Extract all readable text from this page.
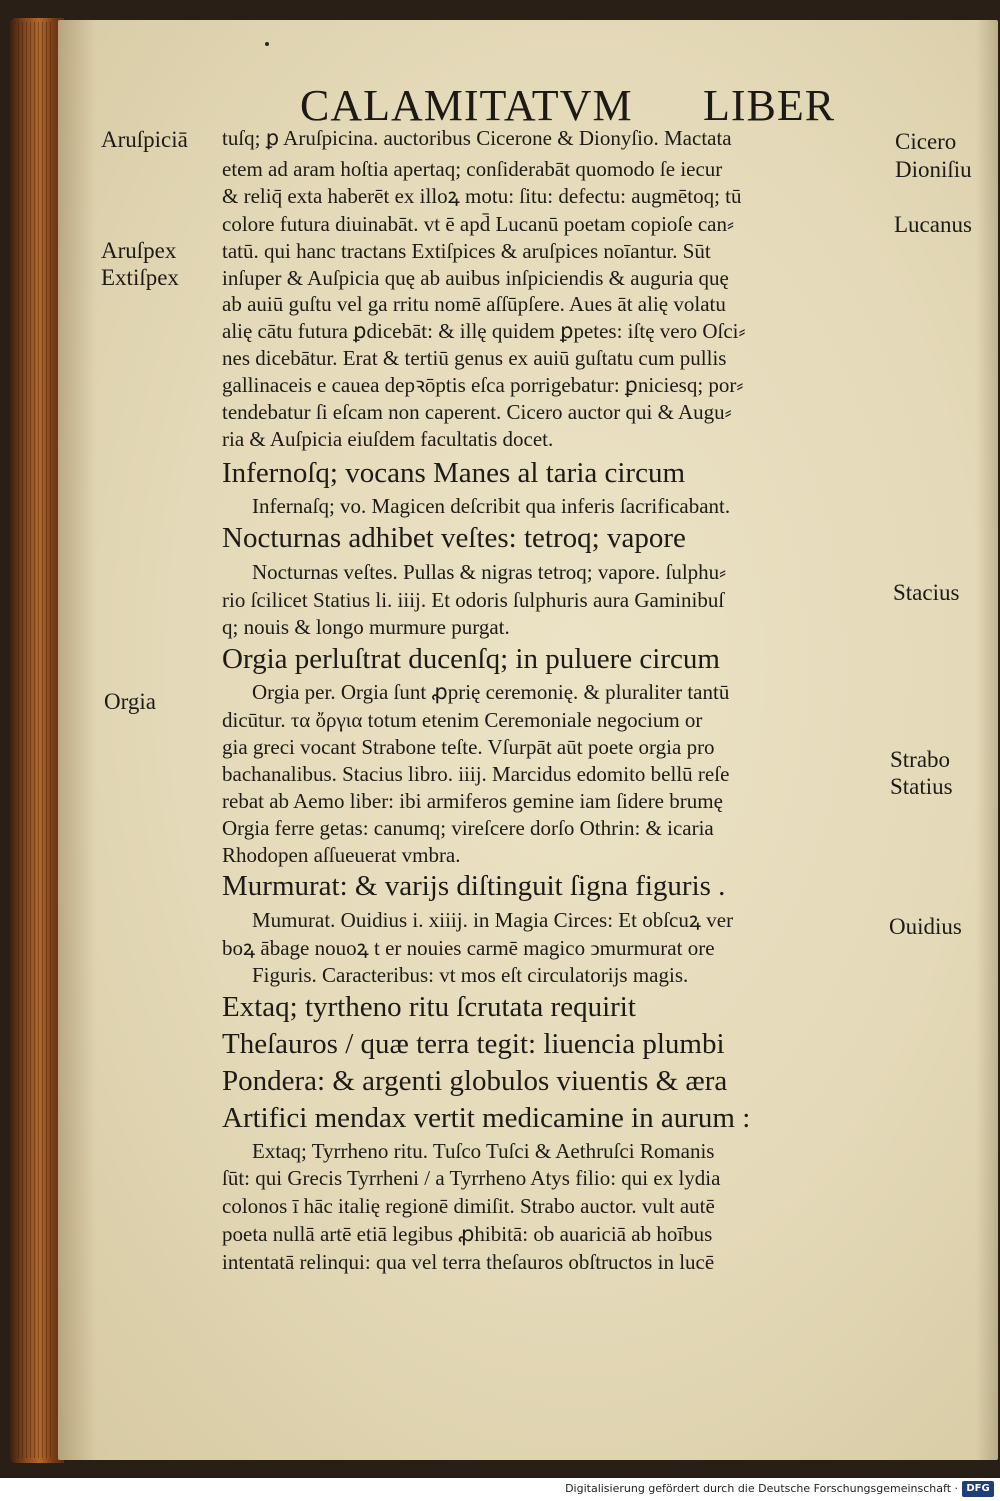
CALAMITATVM LIBER
tuſq; ꝑ Aruſpicina. auctoribus Cicerone & Dionyſio. Mactata
etem ad aram hoſtia apertaq; conſiderabāt quomodo ſe iecur
& reliq̄ exta haberēt ex illoꝝ motu: ſitu: defectu: augmētoq; tū
colore futura diuinabāt. vt ē apd̄ Lucanū poetam copioſe can⸗
tatū. qui hanc tractans Extiſpices & aruſpices noīantur. Sūt
inſuper & Auſpicia quę ab auibus inſpiciendis & auguria quę
ab auiū guſtu vel ga rritu nomē aſſūpſere. Aues āt alię volatu
alię cātu futura ꝑdicebāt: & illę quidem ꝑpetes: iſtę vero Oſci⸗
nes dicebātur. Erat & tertiū genus ex auiū guſtatu cum pullis
gallinaceis e cauea depꝛōptis eſca porrigebatur: ꝑniciesq; por⸗
tendebatur ſi eſcam non caperent. Cicero auctor qui & Augu⸗
ria & Auſpicia eiuſdem facultatis docet.
Infernoſq; vocans Manes al taria circum
Infernaſq; vo. Magicen deſcribit qua inferis ſacrificabant.
Nocturnas adhibet veſtes: tetroq; vapore
Nocturnas veſtes. Pullas & nigras tetroq; vapore. ſulphu⸗
rio ſcilicet Statius li. iiij. Et odoris ſulphuris aura Gaminibuſ
q; nouis & longo murmure purgat.
Orgia perluſtrat ducenſq; in puluere circum
Orgia per. Orgia ſunt ꝓprię ceremonię. & pluraliter tantū
dicūtur. τα ὄργια totum etenim Ceremoniale negocium or
gia greci vocant Strabone teſte. Vſurpāt aūt poete orgia pro
bachanalibus. Stacius libro. iiij. Marcidus edomito bellū reſe
rebat ab Aemo liber: ibi armiferos gemine iam ſidere brumę
Orgia ferre getas: canumq; vireſcere dorſo Othrin: & icaria
Rhodopen aſſueuerat vmbra.
Murmurat: & varijs diſtinguit ſigna figuris .
Mumurat. Ouidius i. xiiij. in Magia Circes: Et obſcuꝝ ver
boꝝ ābage nouoꝝ t er nouies carmē magico ↄmurmurat ore
Figuris. Caracteribus: vt mos eſt circulatorijs magis.
Extaq; tyrtheno ritu ſcrutata requirit
Theſauros / quæ terra tegit: liuencia plumbi
Pondera: & argenti globulos viuentis & æra
Artifici mendax vertit medicamine in aurum :
Extaq; Tyrrheno ritu. Tuſco Tuſci & Aethruſci Romanis
ſūt: qui Grecis Tyrrheni / a Tyrrheno Atys filio: qui ex lydia
colonos ī hāc italię regionē dimiſit. Strabo auctor. vult autē
poeta nullā artē etiā legibus ꝓhibitā: ob auariciā ab hoībus
intentatā relinqui: qua vel terra theſauros obſtructos in lucē
Aruſpiciā
Aruſpex
Extiſpex
Orgia
Cicero
Dioniſiu
Lucanus
Stacius
Strabo
Statius
Ouidius
Digitalisierung gefördert durch die Deutsche Forschungsgemeinschaft · DFG
